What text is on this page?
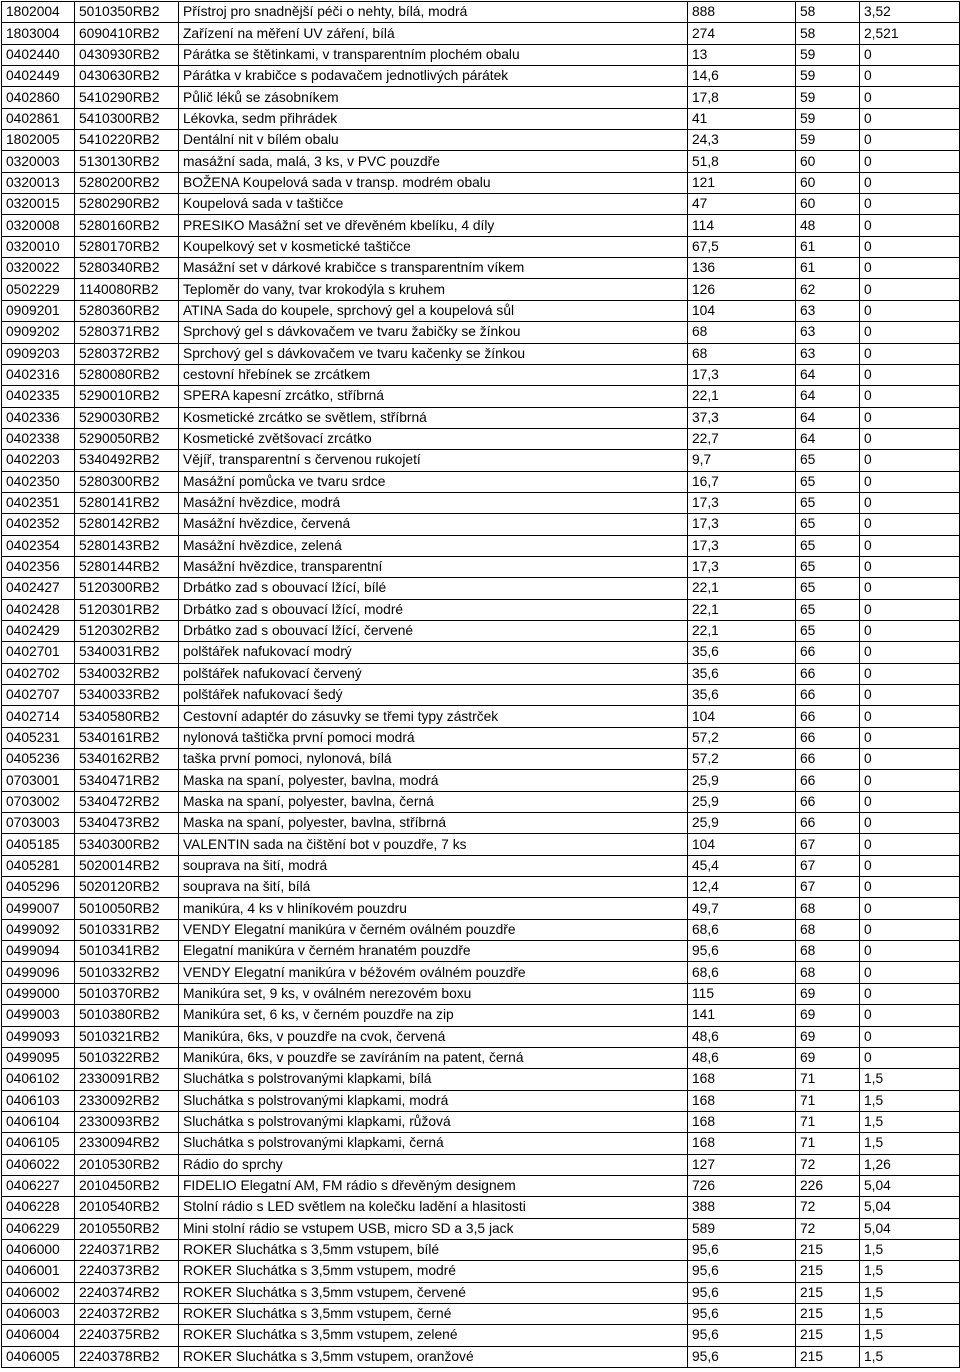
1802004	5010350RB2	Přístroj pro snadnější péči o nehty, bílá, modrá	888	58	3,52
1803004	6090410RB2	Zařízení na měření UV záření, bílá	274	58	2,521
0402440	0430930RB2	Párátka se štětinkami, v transparentním plochém obalu	13	59	0
0402449	0430630RB2	Párátka v krabičce s podavačem jednotlivých párátek	14,6	59	0
0402860	5410290RB2	Půlič léků se zásobníkem	17,8	59	0
0402861	5410300RB2	Lékovka, sedm přihrádek	41	59	0
1802005	5410220RB2	Dentální nit v bílém obalu	24,3	59	0
0320003	5130130RB2	masážní sada, malá, 3 ks, v PVC pouzdře	51,8	60	0
0320013	5280200RB2	BOŽENA Koupelová sada v transp. modrém obalu	121	60	0
0320015	5280290RB2	Koupelová sada v taštičce	47	60	0
0320008	5280160RB2	PRESIKO Masážní set ve dřevěném kbelíku, 4 díly	114	48	0
0320010	5280170RB2	Koupelkový set v kosmetické taštičce	67,5	61	0
0320022	5280340RB2	Masážní set v dárkové krabičce s transparentním víkem	136	61	0
0502229	1140080RB2	Teploměr do vany, tvar krokodýla s kruhem	126	62	0
0909201	5280360RB2	ATINA Sada do koupele, sprchový gel a koupelová sůl	104	63	0
0909202	5280371RB2	Sprchový gel s dávkovačem ve tvaru žabičky se žínkou	68	63	0
0909203	5280372RB2	Sprchový gel s dávkovačem ve tvaru kačenky se žínkou	68	63	0
0402316	5280080RB2	cestovní hřebínek se zrcátkem	17,3	64	0
0402335	5290010RB2	SPERA kapesní zrcátko, stříbrná	22,1	64	0
0402336	5290030RB2	Kosmetické zrcátko se světlem, stříbrná	37,3	64	0
0402338	5290050RB2	Kosmetické zvětšovací zrcátko	22,7	64	0
0402203	5340492RB2	Vějíř, transparentní s červenou rukojetí	9,7	65	0
0402350	5280300RB2	Masážní pomůcka ve tvaru srdce	16,7	65	0
0402351	5280141RB2	Masážní hvězdice, modrá	17,3	65	0
0402352	5280142RB2	Masážní hvězdice, červená	17,3	65	0
0402354	5280143RB2	Masážní hvězdice, zelená	17,3	65	0
0402356	5280144RB2	Masážní hvězdice, transparentní	17,3	65	0
0402427	5120300RB2	Drbátko zad s obouvací lžící, bílé	22,1	65	0
0402428	5120301RB2	Drbátko zad s obouvací lžící, modré	22,1	65	0
0402429	5120302RB2	Drbátko zad s obouvací lžící, červené	22,1	65	0
0402701	5340031RB2	polštářek nafukovací modrý	35,6	66	0
0402702	5340032RB2	polštářek nafukovací červený	35,6	66	0
0402707	5340033RB2	polštářek nafukovací šedý	35,6	66	0
0402714	5340580RB2	Cestovní adaptér do zásuvky se třemi typy zástrček	104	66	0
0405231	5340161RB2	nylonová taštička první pomoci modrá	57,2	66	0
0405236	5340162RB2	taška první pomoci, nylonová, bílá	57,2	66	0
0703001	5340471RB2	Maska na spaní, polyester, bavlna, modrá	25,9	66	0
0703002	5340472RB2	Maska na spaní, polyester, bavlna, černá	25,9	66	0
0703003	5340473RB2	Maska na spaní, polyester, bavlna, stříbrná	25,9	66	0
0405185	5340300RB2	VALENTIN sada na čištění bot v pouzdře, 7 ks	104	67	0
0405281	5020014RB2	souprava na šití, modrá	45,4	67	0
0405296	5020120RB2	souprava na šití, bílá	12,4	67	0
0499007	5010050RB2	manikúra, 4 ks v hliníkovém pouzdru	49,7	68	0
0499092	5010331RB2	VENDY Elegatní manikúra v černém oválném pouzdře	68,6	68	0
0499094	5010341RB2	Elegatní manikúra v černém hranatém pouzdře	95,6	68	0
0499096	5010332RB2	VENDY Elegatní manikúra v béžovém oválném pouzdře	68,6	68	0
0499000	5010370RB2	Manikúra set, 9 ks, v oválném nerezovém boxu	115	69	0
0499003	5010380RB2	Manikúra set, 6 ks, v černém pouzdře na zip	141	69	0
0499093	5010321RB2	Manikúra, 6ks, v pouzdře na cvok, červená	48,6	69	0
0499095	5010322RB2	Manikúra, 6ks, v pouzdře se zavíráním na patent, černá	48,6	69	0
0406102	2330091RB2	Sluchátka s polstrovanými klapkami, bílá	168	71	1,5
0406103	2330092RB2	Sluchátka s polstrovanými klapkami, modrá	168	71	1,5
0406104	2330093RB2	Sluchátka s polstrovanými klapkami, růžová	168	71	1,5
0406105	2330094RB2	Sluchátka s polstrovanými klapkami, černá	168	71	1,5
0406022	2010530RB2	Rádio do sprchy	127	72	1,26
0406227	2010450RB2	FIDELIO Elegatní AM, FM rádio s dřevěným designem	726	226	5,04
0406228	2010540RB2	Stolní rádio s LED světlem na kolečku ladění a hlasitosti	388	72	5,04
0406229	2010550RB2	Mini stolní rádio se vstupem USB, micro SD a 3,5 jack	589	72	5,04
0406000	2240371RB2	ROKER Sluchátka s 3,5mm vstupem, bílé	95,6	215	1,5
0406001	2240373RB2	ROKER Sluchátka s 3,5mm vstupem, modré	95,6	215	1,5
0406002	2240374RB2	ROKER Sluchátka s 3,5mm vstupem, červené	95,6	215	1,5
0406003	2240372RB2	ROKER Sluchátka s 3,5mm vstupem, černé	95,6	215	1,5
0406004	2240375RB2	ROKER Sluchátka s 3,5mm vstupem, zelené	95,6	215	1,5
0406005	2240378RB2	ROKER Sluchátka s 3,5mm vstupem, oranžové	95,6	215	1,5
